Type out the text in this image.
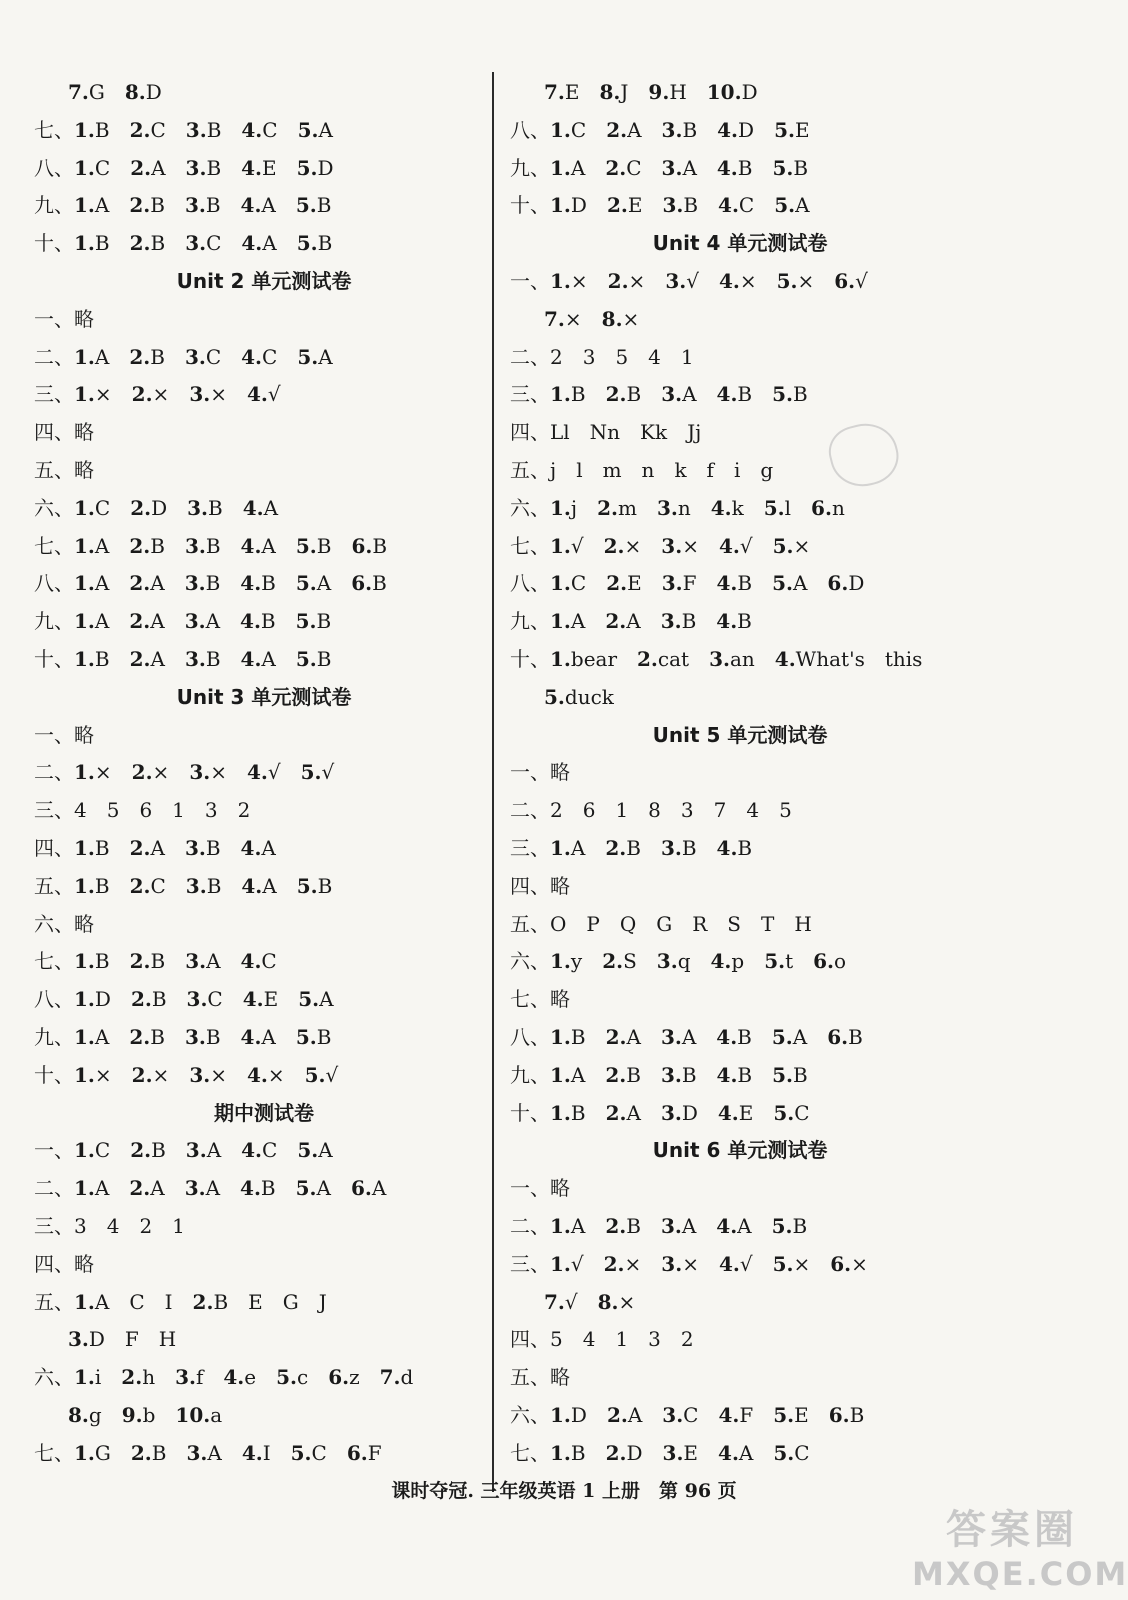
7.G 8.D
七、1.B 2.C 3.B 4.C 5.A
八、1.C 2.A 3.B 4.E 5.D
九、1.A 2.B 3.B 4.A 5.B
十、1.B 2.B 3.C 4.A 5.B
Unit 2 单元测试卷
一、略
二、1.A 2.B 3.C 4.C 5.A
三、1.× 2.× 3.× 4.√
四、略
五、略
六、1.C 2.D 3.B 4.A
七、1.A 2.B 3.B 4.A 5.B 6.B
八、1.A 2.A 3.B 4.B 5.A 6.B
九、1.A 2.A 3.A 4.B 5.B
十、1.B 2.A 3.B 4.A 5.B
Unit 3 单元测试卷
一、略
二、1.× 2.× 3.× 4.√ 5.√
三、4　5　6　1　3　2
四、1.B 2.A 3.B 4.A
五、1.B 2.C 3.B 4.A 5.B
六、略
七、1.B 2.B 3.A 4.C
八、1.D 2.B 3.C 4.E 5.A
九、1.A 2.B 3.B 4.A 5.B
十、1.× 2.× 3.× 4.× 5.√
期中测试卷
一、1.C 2.B 3.A 4.C 5.A
二、1.A 2.A 3.A 4.B 5.A 6.A
三、3　4　2　1
四、略
五、1.A　C　I 2.B　E　G　J
3.D　F　H
六、1.i 2.h 3.f 4.e 5.c 6.z 7.d
8.g 9.b 10.a
七、1.G 2.B 3.A 4.I 5.C 6.F
7.E 8.J 9.H 10.D
八、1.C 2.A 3.B 4.D 5.E
九、1.A 2.C 3.A 4.B 5.B
十、1.D 2.E 3.B 4.C 5.A
Unit 4 单元测试卷
一、1.× 2.× 3.√ 4.× 5.× 6.√
7.× 8.×
二、2　3　5　4　1
三、1.B 2.B 3.A 4.B 5.B
四、Ll　Nn　Kk　Jj
五、j　l　m　n　k　f　i　g
六、1.j 2.m 3.n 4.k 5.l 6.n
七、1.√ 2.× 3.× 4.√ 5.×
八、1.C 2.E 3.F 4.B 5.A 6.D
九、1.A 2.A 3.B 4.B
十、1.bear 2.cat 3.an 4.What's　this
5.duck
Unit 5 单元测试卷
一、略
二、2　6　1　8　3　7　4　5
三、1.A 2.B 3.B 4.B
四、略
五、O　P　Q　G　R　S　T　H
六、1.y 2.S 3.q 4.p 5.t 6.o
七、略
八、1.B 2.A 3.A 4.B 5.A 6.B
九、1.A 2.B 3.B 4.B 5.B
十、1.B 2.A 3.D 4.E 5.C
Unit 6 单元测试卷
一、略
二、1.A 2.B 3.A 4.A 5.B
三、1.√ 2.× 3.× 4.√ 5.× 6.×
7.√ 8.×
四、5　4　1　3　2
五、略
六、1.D 2.A 3.C 4.F 5.E 6.B
七、1.B 2.D 3.E 4.A 5.C
课时夺冠. 三年级英语 1 上册　第 96 页
答案圈
MXQE.COM
